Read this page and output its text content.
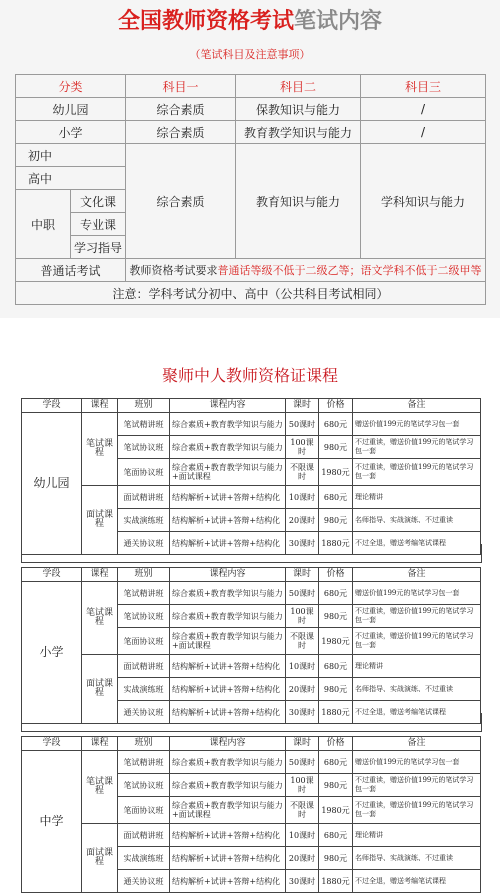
全国教师资格考试笔试内容
（笔试科目及注意事项）
分类		科目一	科目二	科目三
幼儿园		综合素质	保教知识与能力	/
小学		综合素质	教育教学知识与能力	/
初中		综合素质	教育知识与能力	学科知识与能力
高中				
中职	文化课			
	专业课			
	学习指导			
普通话考试		教师资格考试要求普通话等级不低于二级乙等；语文学科不低于二级甲等		
注意：学科考试分初中、高中（公共科目考试相同）				
聚师中人教师资格证课程
学段	课程	班别	课程内容	课时	价格	备注
幼儿园	笔试课程	笔试精讲班	综合素质+教育教学知识与能力	50课时	680元	赠送价值199元的笔试学习包一套
		笔试协议班	综合素质+教育教学知识与能力	100课时	980元	不过重读，赠送价值199元的笔试学习包一套
		笔面协议班	综合素质+教育教学知识与能力+面试课程	不限课时	1980元	不过重读，赠送价值199元的笔试学习包一套
	面试课程	面试精讲班	结构解析+试讲+答辩+结构化	10课时	680元	理论精讲
		实战演练班	结构解析+试讲+答辩+结构化	20课时	980元	名师指导、实战演练、不过重读
		通关协议班	结构解析+试讲+答辩+结构化	30课时	1880元	不过全退，赠送考编笔试课程
学段	课程	班别	课程内容	课时	价格	备注
小学	笔试课程	笔试精讲班	综合素质+教育教学知识与能力	50课时	680元	赠送价值199元的笔试学习包一套
		笔试协议班	综合素质+教育教学知识与能力	100课时	980元	不过重读，赠送价值199元的笔试学习包一套
		笔面协议班	综合素质+教育教学知识与能力+面试课程	不限课时	1980元	不过重读，赠送价值199元的笔试学习包一套
	面试课程	面试精讲班	结构解析+试讲+答辩+结构化	10课时	680元	理论精讲
		实战演练班	结构解析+试讲+答辩+结构化	20课时	980元	名师指导、实战演练、不过重读
		通关协议班	结构解析+试讲+答辩+结构化	30课时	1880元	不过全退，赠送考编笔试课程
学段	课程	班别	课程内容	课时	价格	备注
中学	笔试课程	笔试精讲班	综合素质+教育教学知识与能力	50课时	680元	赠送价值199元的笔试学习包一套
		笔试协议班	综合素质+教育教学知识与能力	100课时	980元	不过重读，赠送价值199元的笔试学习包一套
		笔面协议班	综合素质+教育教学知识与能力+面试课程	不限课时	1980元	不过重读，赠送价值199元的笔试学习包一套
	面试课程	面试精讲班	结构解析+试讲+答辩+结构化	10课时	680元	理论精讲
		实战演练班	结构解析+试讲+答辩+结构化	20课时	980元	名师指导、实战演练、不过重读
		通关协议班	结构解析+试讲+答辩+结构化	30课时	1880元	不过全退，赠送考编笔试课程
